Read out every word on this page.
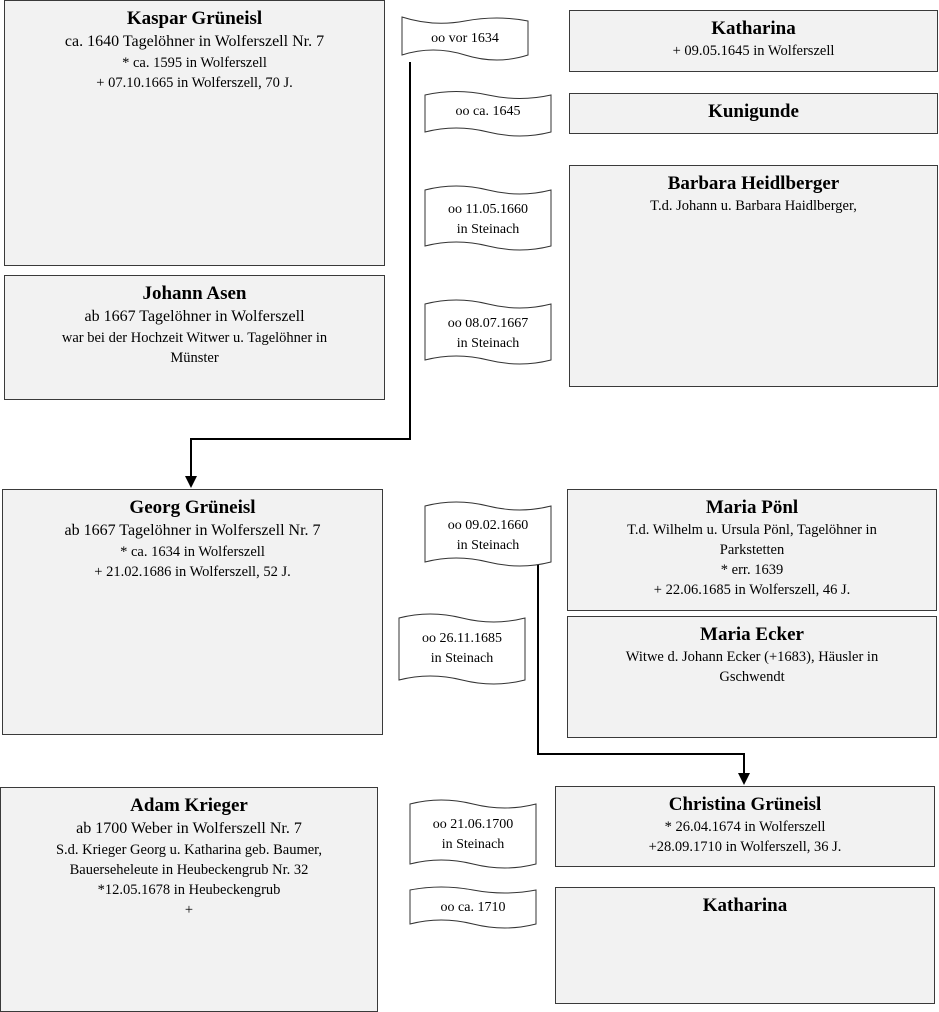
Kaspar Grüneisl
ca. 1640 Tagelöhner in Wolferszell Nr. 7
* ca. 1595 in Wolferszell
+ 07.10.1665 in Wolferszell, 70 J.
Johann Asen
ab 1667 Tagelöhner in Wolferszell
war bei der Hochzeit Witwer u. Tagelöhner in
Münster
Katharina
+ 09.05.1645 in Wolferszell
Kunigunde
Barbara Heidlberger
T.d. Johann u. Barbara Haidlberger,
Georg Grüneisl
ab 1667 Tagelöhner in Wolferszell Nr. 7
* ca. 1634 in Wolferszell
+ 21.02.1686 in Wolferszell, 52 J.
Maria Pönl
T.d. Wilhelm u. Ursula Pönl, Tagelöhner in
Parkstetten
* err. 1639
+ 22.06.1685 in Wolferszell, 46 J.
Maria Ecker
Witwe d. Johann Ecker (+1683), Häusler in
Gschwendt
Adam Krieger
ab 1700 Weber in Wolferszell Nr. 7
S.d. Krieger Georg u. Katharina geb. Baumer,
Bauerseheleute in Heubeckengrub Nr. 32
*12.05.1678 in Heubeckengrub
+
Christina Grüneisl
* 26.04.1674 in Wolferszell
+28.09.1710 in Wolferszell, 36 J.
Katharina
oo vor 1634
oo ca. 1645
oo 11.05.1660
in Steinach
oo 08.07.1667
in Steinach
oo 09.02.1660
in Steinach
oo 26.11.1685
in Steinach
oo 21.06.1700
in Steinach
oo ca. 1710
